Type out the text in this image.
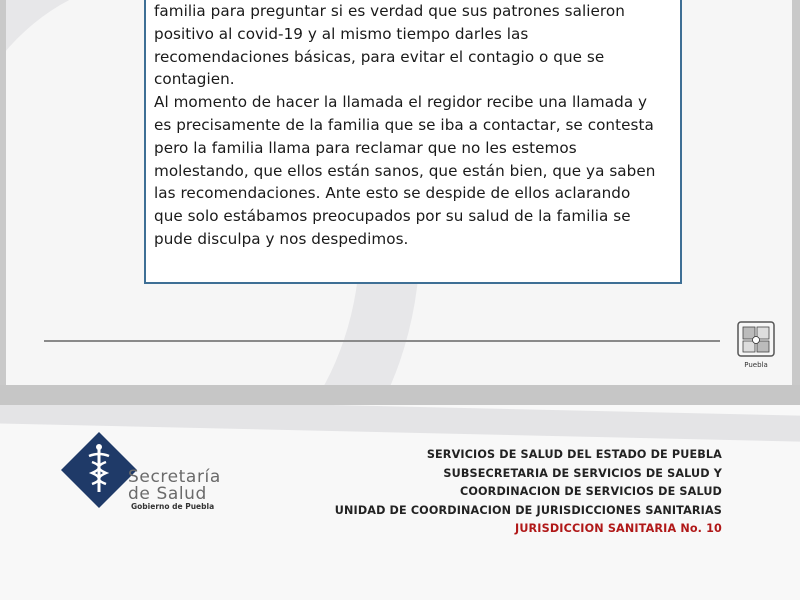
familia para preguntar si es verdad que sus patrones salieron

positivo al covid-19 y al mismo tiempo darles las

recomendaciones básicas, para evitar el contagio o que se

contagien.

Al momento de hacer la llamada el regidor recibe una llamada y

es precisamente de la familia que se iba a contactar, se contesta

pero la familia llama para reclamar que no les estemos

molestando, que ellos están sanos, que están bien, que ya saben

las recomendaciones. Ante esto se despide de ellos aclarando

que solo estábamos preocupados por su salud de la familia se

pude disculpa y nos despedimos.

Puebla
Secretaría
de Salud
Gobierno de Puebla
SERVICIOS DE SALUD DEL ESTADO DE PUEBLA
SUBSECRETARIA DE SERVICIOS DE SALUD Y
COORDINACION DE SERVICIOS DE SALUD
UNIDAD DE COORDINACION DE JURISDICCIONES SANITARIAS
JURISDICCION SANITARIA No. 10
